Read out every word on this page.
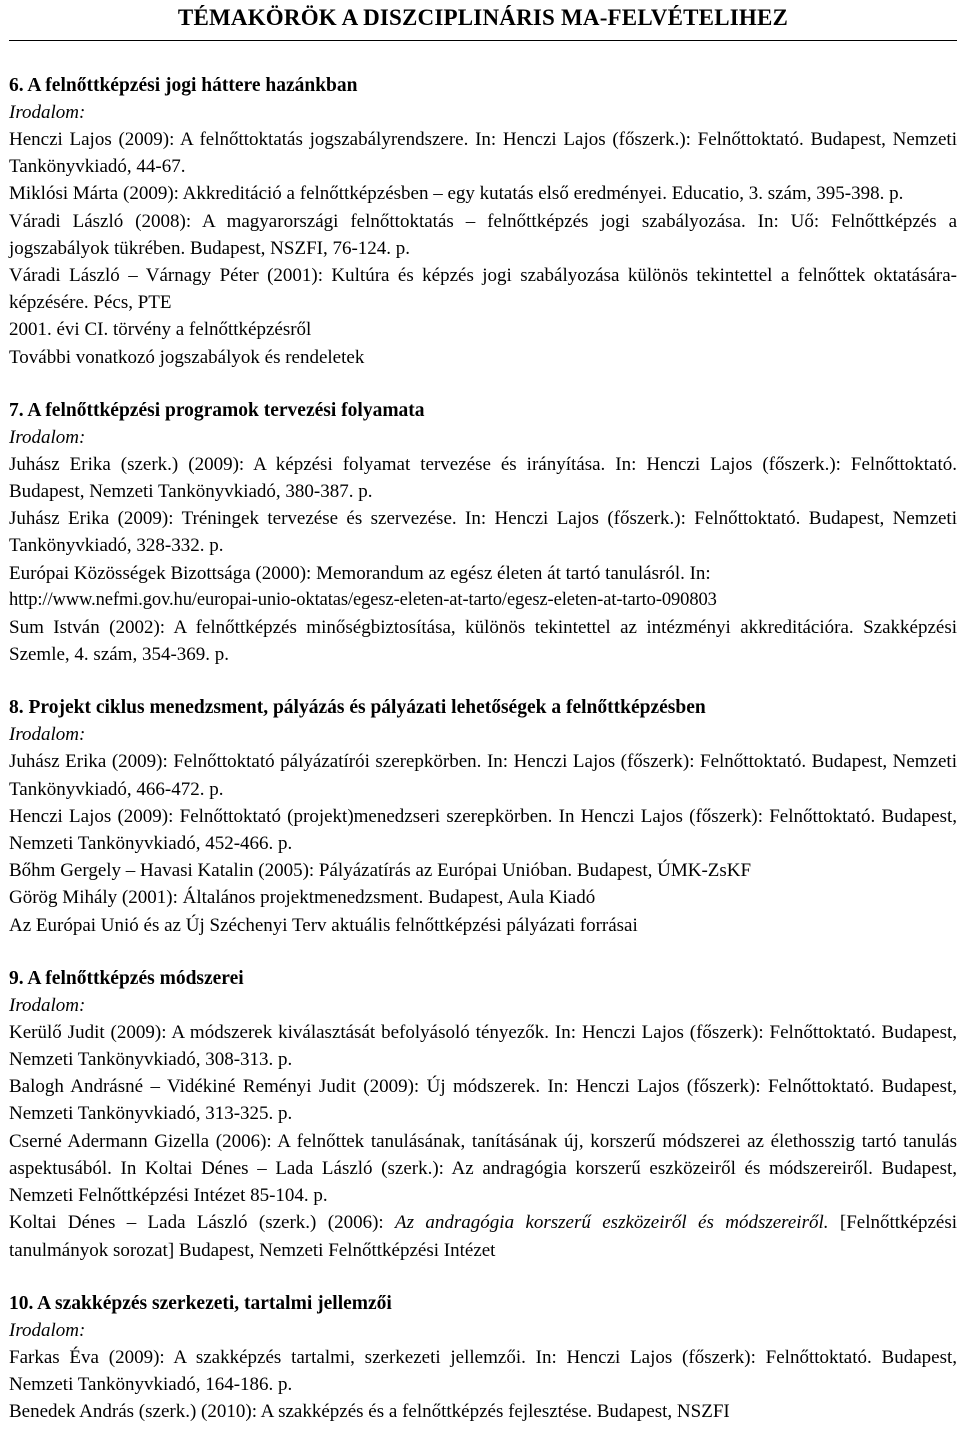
TÉMAKÖRÖK A DISZCIPLINÁRIS MA-FELVÉTELIHEZ

6. A felnőttképzési jogi háttere hazánkban

Irodalom:

Henczi Lajos (2009): A felnőttoktatás jogszabályrendszere. In: Henczi Lajos (főszerk.): Felnőttoktató. Budapest, Nemzeti Tankönyvkiadó, 44-67.

Miklósi Márta (2009): Akkreditáció a felnőttképzésben – egy kutatás első eredményei. Educatio, 3. szám, 395-398. p.

Váradi László (2008): A magyarországi felnőttoktatás – felnőttképzés jogi szabályozása. In: Uő: Felnőttképzés a jogszabályok tükrében. Budapest, NSZFI, 76-124. p.

Váradi László – Várnagy Péter (2001): Kultúra és képzés jogi szabályozása különös tekintettel a felnőttek oktatására-képzésére. Pécs, PTE

2001. évi CI. törvény a felnőttképzésről

További vonatkozó jogszabályok és rendeletek

7. A felnőttképzési programok tervezési folyamata

Irodalom:

Juhász Erika (szerk.) (2009): A képzési folyamat tervezése és irányítása. In: Henczi Lajos (főszerk.): Felnőttoktató. Budapest, Nemzeti Tankönyvkiadó, 380-387. p.

Juhász Erika (2009): Tréningek tervezése és szervezése. In: Henczi Lajos (főszerk.): Felnőttoktató. Budapest, Nemzeti Tankönyvkiadó, 328-332. p.

Európai Közösségek Bizottsága (2000): Memorandum az egész életen át tartó tanulásról. In:

http://www.nefmi.gov.hu/europai-unio-oktatas/egesz-eleten-at-tarto/egesz-eleten-at-tarto-090803

Sum István (2002): A felnőttképzés minőségbiztosítása, különös tekintettel az intézményi akkreditációra. Szakképzési Szemle, 4. szám, 354-369. p.

8. Projekt ciklus menedzsment, pályázás és pályázati lehetőségek a felnőttképzésben

Irodalom:

Juhász Erika (2009): Felnőttoktató pályázatírói szerepkörben. In: Henczi Lajos (főszerk): Felnőttoktató. Budapest, Nemzeti Tankönyvkiadó, 466-472. p.

Henczi Lajos (2009): Felnőttoktató (projekt)menedzseri szerepkörben. In Henczi Lajos (főszerk): Felnőttoktató. Budapest, Nemzeti Tankönyvkiadó, 452-466. p.

Bőhm Gergely – Havasi Katalin (2005): Pályázatírás az Európai Unióban. Budapest, ÚMK-ZsKF

Görög Mihály (2001): Általános projektmenedzsment. Budapest, Aula Kiadó

Az Európai Unió és az Új Széchenyi Terv aktuális felnőttképzési pályázati forrásai

9. A felnőttképzés módszerei

Irodalom:

Kerülő Judit (2009): A módszerek kiválasztását befolyásoló tényezők. In: Henczi Lajos (főszerk): Felnőttoktató. Budapest, Nemzeti Tankönyvkiadó, 308-313. p.

Balogh Andrásné – Vidékiné Reményi Judit (2009): Új módszerek. In: Henczi Lajos (főszerk): Felnőttoktató. Budapest, Nemzeti Tankönyvkiadó, 313-325. p.

Cserné Adermann Gizella (2006): A felnőttek tanulásának, tanításának új, korszerű módszerei az élethosszig tartó tanulás aspektusából. In Koltai Dénes – Lada László (szerk.): Az andragógia korszerű eszközeiről és módszereiről. Budapest, Nemzeti Felnőttképzési Intézet 85-104. p.

Koltai Dénes – Lada László (szerk.) (2006): Az andragógia korszerű eszközeiről és módszereiről. [Felnőttképzési tanulmányok sorozat] Budapest, Nemzeti Felnőttképzési Intézet

10. A szakképzés szerkezeti, tartalmi jellemzői

Irodalom:

Farkas Éva (2009): A szakképzés tartalmi, szerkezeti jellemzői. In: Henczi Lajos (főszerk): Felnőttoktató. Budapest, Nemzeti Tankönyvkiadó, 164-186. p.

Benedek András (szerk.) (2010): A szakképzés és a felnőttképzés fejlesztése. Budapest, NSZFI
